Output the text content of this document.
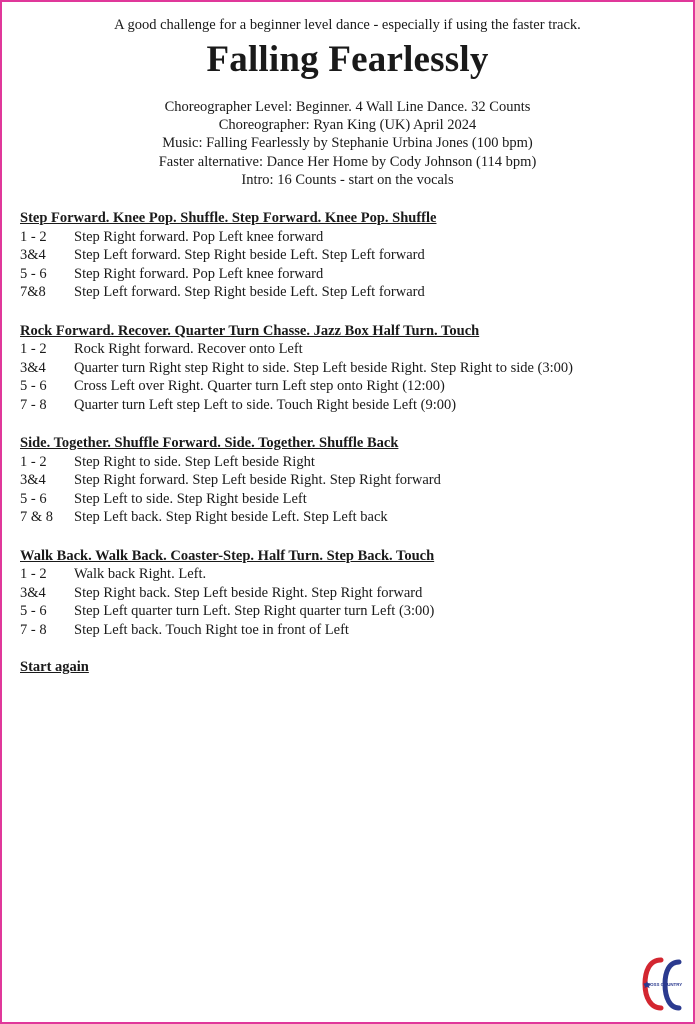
A good challenge for a beginner level dance - especially if using the faster track.
Falling Fearlessly
Choreographer Level: Beginner. 4 Wall Line Dance. 32 Counts
Choreographer: Ryan King (UK) April 2024
Music: Falling Fearlessly by Stephanie Urbina Jones (100 bpm)
Faster alternative: Dance Her Home by Cody Johnson (114 bpm)
Intro: 16 Counts - start on the vocals
Step Forward. Knee Pop. Shuffle. Step Forward. Knee Pop. Shuffle
1 - 2	Step Right forward. Pop Left knee forward
3&4	Step Left forward. Step Right beside Left. Step Left forward
5 - 6	Step Right forward. Pop Left knee forward
7&8	Step Left forward. Step Right beside Left. Step Left forward
Rock Forward. Recover. Quarter Turn Chasse. Jazz Box Half Turn. Touch
1 - 2	Rock Right forward. Recover onto Left
3&4	Quarter turn Right step Right to side. Step Left beside Right. Step Right to side (3:00)
5 - 6	Cross Left over Right. Quarter turn Left step onto Right (12:00)
7 - 8	Quarter turn Left step Left to side. Touch Right beside Left (9:00)
Side. Together. Shuffle Forward. Side. Together. Shuffle Back
1 - 2	Step Right to side. Step Left beside Right
3&4	Step Right forward. Step Left beside Right. Step Right forward
5 - 6	Step Left to side. Step Right beside Left
7 & 8	Step Left back. Step Right beside Left. Step Left back
Walk Back. Walk Back. Coaster-Step. Half Turn. Step Back. Touch
1 - 2	Walk back Right. Left.
3&4	Step Right back. Step Left beside Right. Step Right forward
5 - 6	Step Left quarter turn Left. Step Right quarter turn Left (3:00)
7 - 8	Step Left back. Touch Right toe in front of Left
Start again
CROSS COUNTRY
